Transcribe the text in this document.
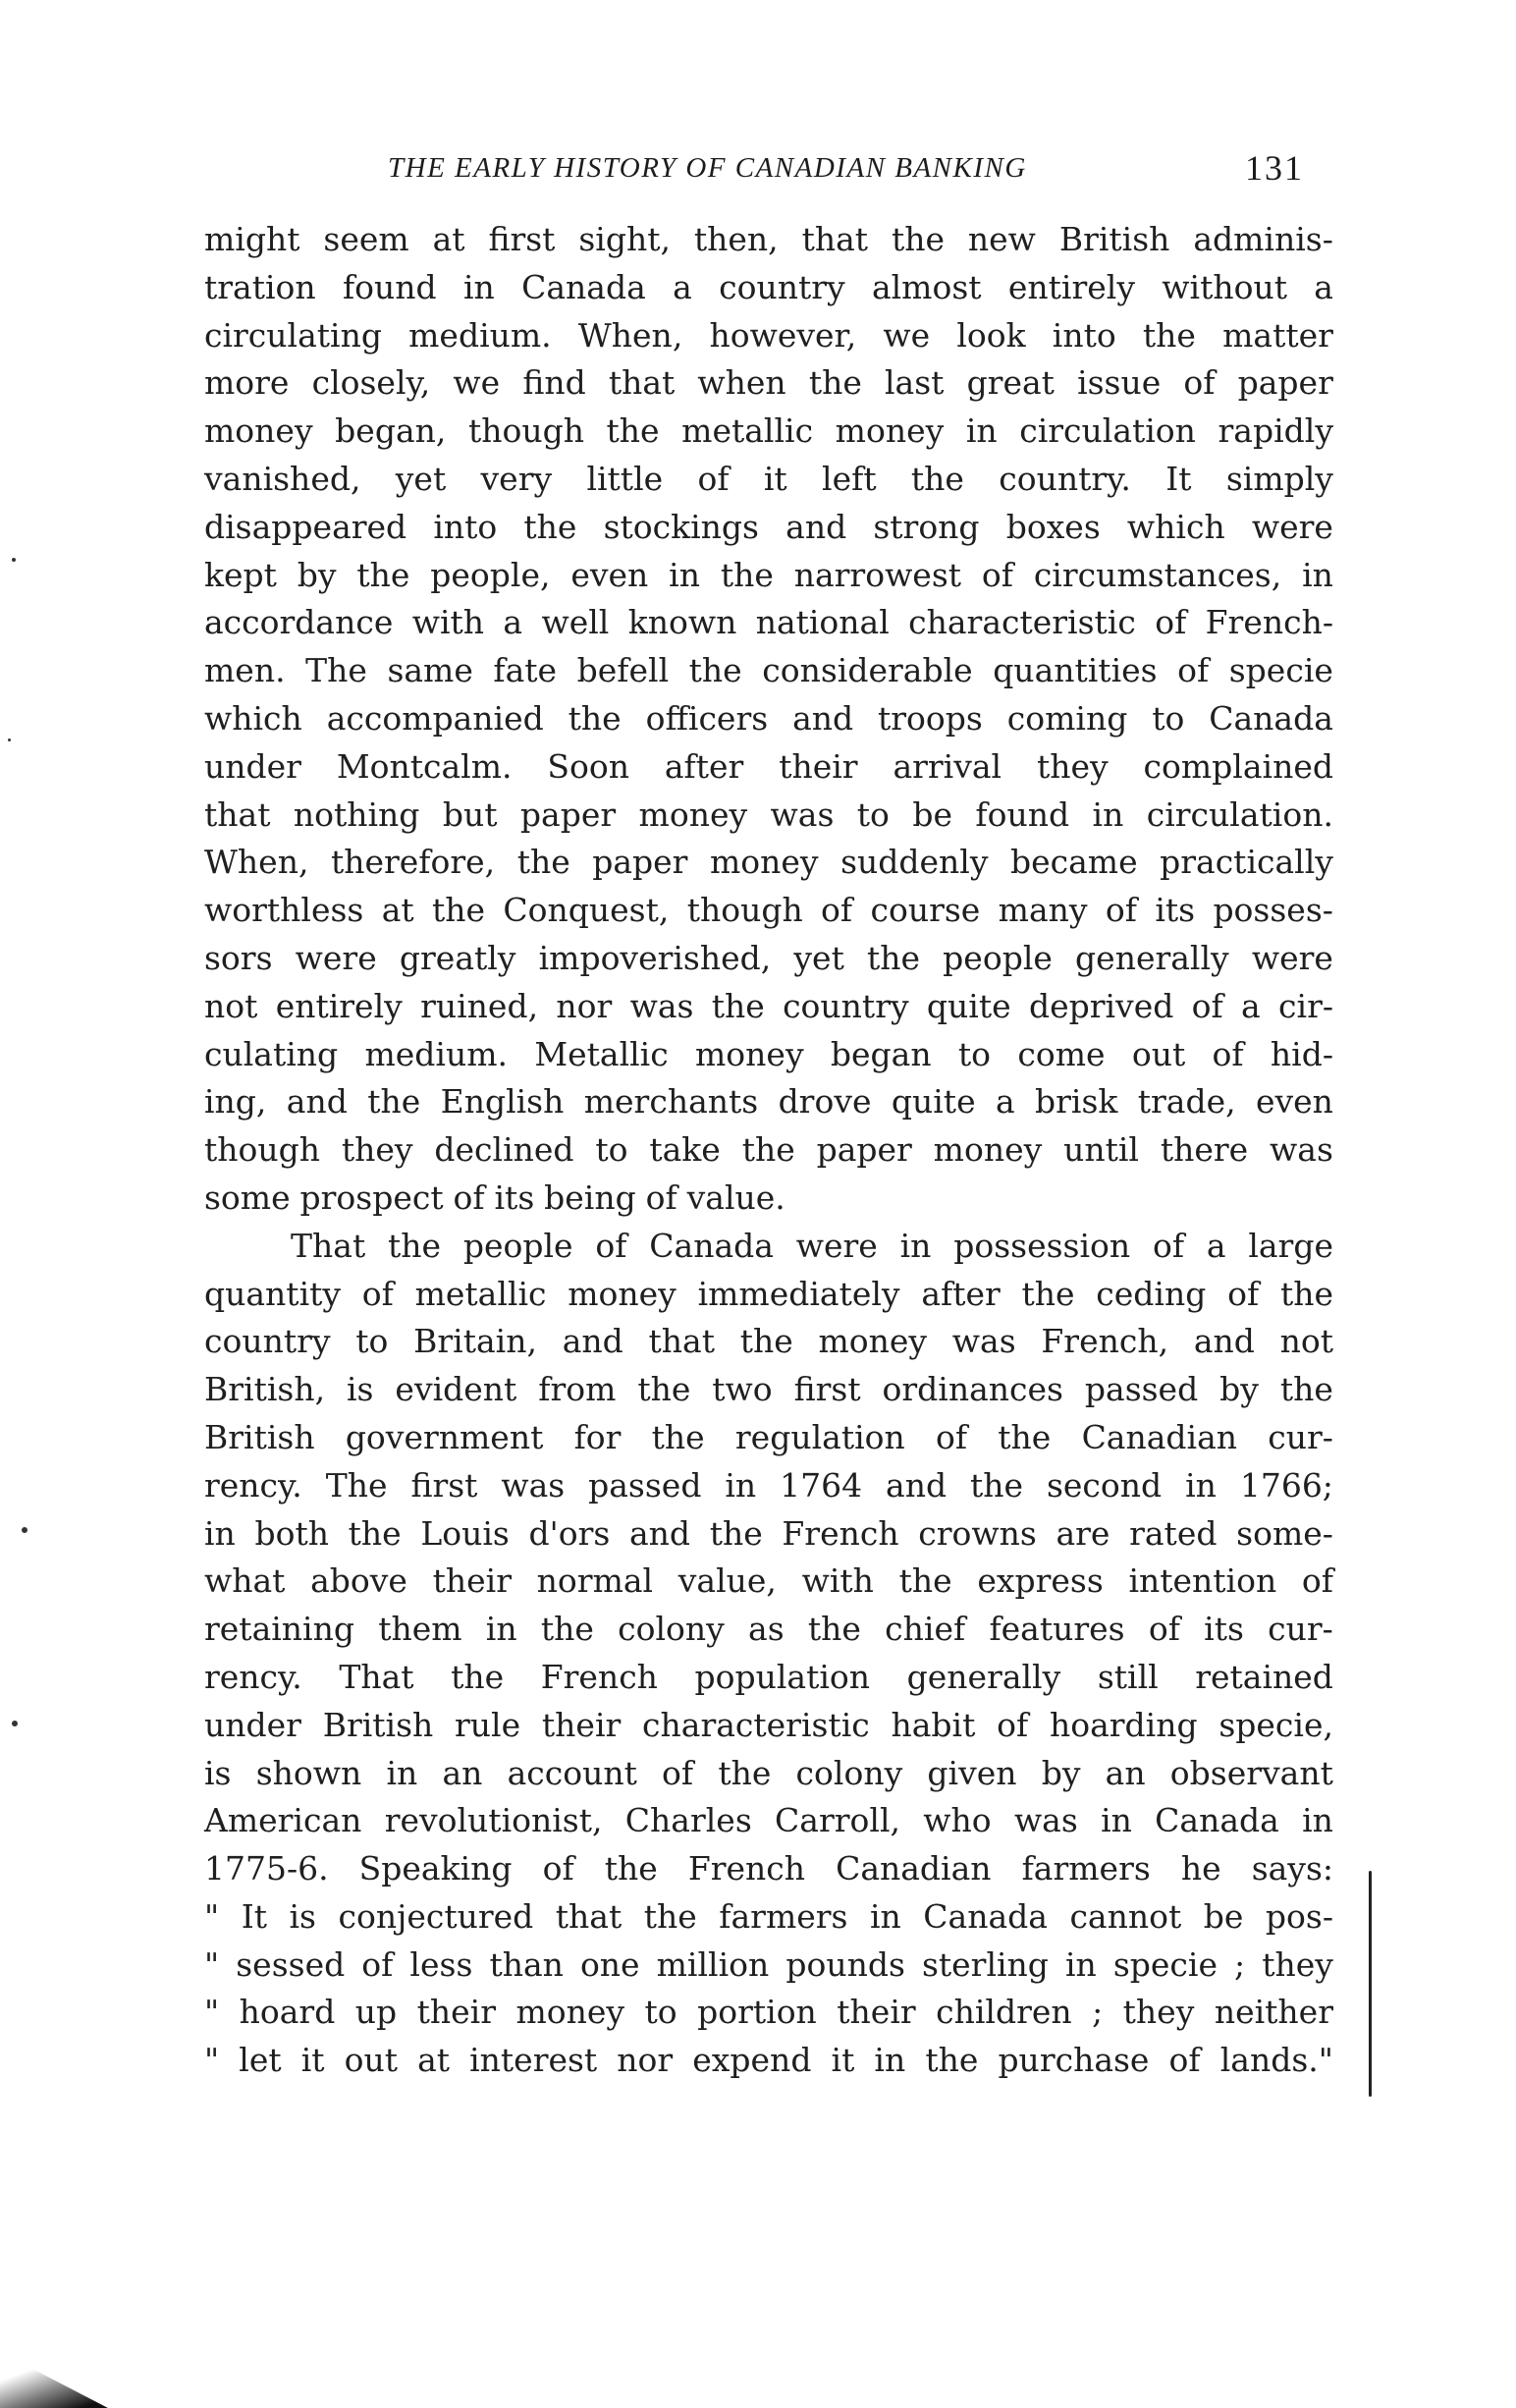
THE EARLY HISTORY OF CANADIAN BANKING	131
might seem at first sight, then, that the new British adminis-
tration found in Canada a country almost entirely without a
circulating medium. When, however, we look into the matter
more closely, we find that when the last great issue of paper
money began, though the metallic money in circulation rapidly
vanished, yet very little of it left the country. It simply
disappeared into the stockings and strong boxes which were
kept by the people, even in the narrowest of circumstances, in
accordance with a well known national characteristic of French-
men. The same fate befell the considerable quantities of specie
which accompanied the officers and troops coming to Canada
under Montcalm. Soon after their arrival they complained
that nothing but paper money was to be found in circulation.
When, therefore, the paper money suddenly became practically
worthless at the Conquest, though of course many of its posses-
sors were greatly impoverished, yet the people generally were
not entirely ruined, nor was the country quite deprived of a cir-
culating medium. Metallic money began to come out of hid-
ing, and the English merchants drove quite a brisk trade, even
though they declined to take the paper money until there was
some prospect of its being of value.
That the people of Canada were in possession of a large
quantity of metallic money immediately after the ceding of the
country to Britain, and that the money was French, and not
British, is evident from the two first ordinances passed by the
British government for the regulation of the Canadian cur-
rency. The first was passed in 1764 and the second in 1766;
in both the Louis d'ors and the French crowns are rated some-
what above their normal value, with the express intention of
retaining them in the colony as the chief features of its cur-
rency. That the French population generally still retained
under British rule their characteristic habit of hoarding specie,
is shown in an account of the colony given by an observant
American revolutionist, Charles Carroll, who was in Canada in
1775-6. Speaking of the French Canadian farmers he says:
" It is conjectured that the farmers in Canada cannot be pos-
" sessed of less than one million pounds sterling in specie ; they
" hoard up their money to portion their children ; they neither
" let it out at interest nor expend it in the purchase of lands."
